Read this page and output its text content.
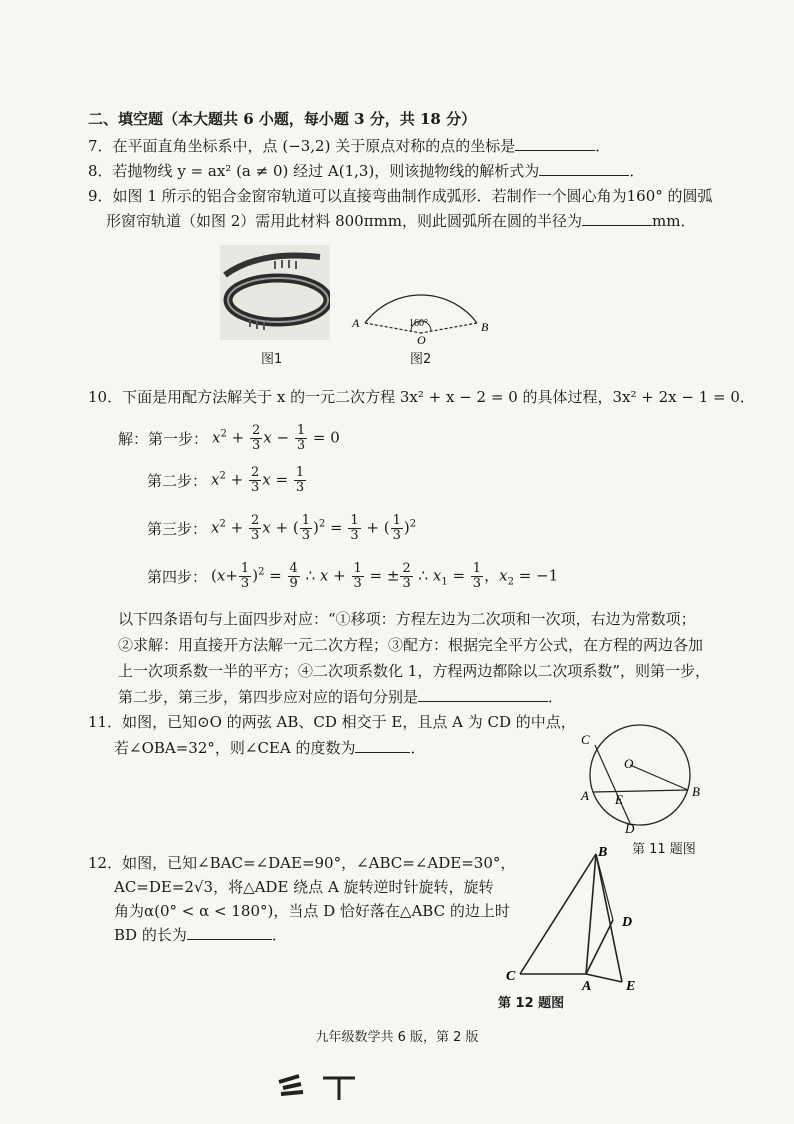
二、填空题（本大题共 6 小题，每小题 3 分，共 18 分）
7．在平面直角坐标系中，点 (−3,2) 关于原点对称的点的坐标是	．
8．若抛物线 y = ax² (a ≠ 0) 经过 A(1,3)，则该抛物线的解析式为	．
9．如图 1 所示的铝合金窗帘轨道可以直接弯曲制作成弧形．若制作一个圆心角为160° 的圆弧
形窗帘轨道（如图 2）需用此材料 800πmm，则此圆弧所在圆的半径为	mm．
图1
160°
A	B
O
图2
10．下面是用配方法解关于 x 的一元二次方程 3x² + x − 2 = 0 的具体过程，3x² + 2x − 1 = 0．
解：第一步： $x^2 + \frac{2}{3}$ $x - \frac{1}{3} = 0$
第二步： $x^2 + \frac{2}{3}$ $x = \frac{1}{3}$
第三步： $x^2 + \frac{2}{3}$ x + ( $\frac{1}{3} )^2 = \frac{1}{3}$ + ( $\frac{1}{3} )^2$
第四步： $(x+ \frac{1}{3} )^2 = \frac{4}{9}$ ∴ $x + \frac{1}{3}$ = ± $\frac{2}{3}$ ∴ $x_1 = \frac{1}{3}$ ，$x_2 = -1$
以下四条语句与上面四步对应：“①移项：方程左边为二次项和一次项，右边为常数项；
②求解：用直接开方法解一元二次方程；③配方：根据完全平方公式，在方程的两边各加
上一次项系数一半的平方；④二次项系数化 1，方程两边都除以二次项系数”，则第一步，
第二步，第三步，第四步应对应的语句分别是	．
11．如图，已知⊙O 的两弦 AB、CD 相交于 E，且点 A 为 CD 的中点，
若∠OBA=32°，则∠CEA 的度数为	．	C
O
A E
B
D
第 11 题图
12．如图，已知∠BAC=∠DAE=90°，∠ABC=∠ADE=30°，
AC=DE=2√3，将△ADE 绕点 A 旋转逆时针旋转，旋转
角为α(0° < α < 180°)，当点 D 恰好落在△ABC 的边上时
BD 的长为	．
B
D
C
A E
第 12 题图
九年级数学共 6 版，第 2 版
